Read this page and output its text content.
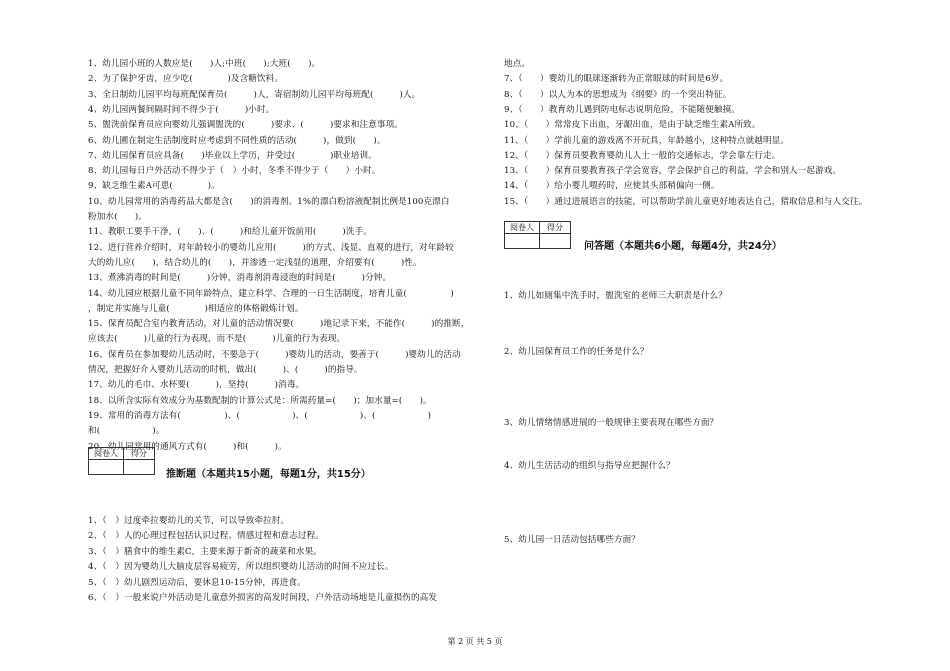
1、幼儿园小班的人数应是(　　)人;中班(　　);大班(　　)。
2、为了保护牙齿，应少吃(　　　　)及含糖饮料。
3、全日制幼儿园平均每班配保育员(　　　)人，寄宿制幼儿园平均每班配(　　　)人。
4、幼儿园两餐间隔时间不得少于(　　　)小时。
5、盥洗前保育员应向婴幼儿强调盥洗的(　　　)要求、(　　　)要求和注意事项。
6、幼儿圃在制定生活制度时应考虑到不同性质的活动(　　　)，做到(　　)。
7、幼儿园保育员应具备(　　)毕业以上学历，并受过(　　　　)职业培训。
8、幼儿园每日户外活动不得少于（　）小时，冬季不得少于（　　）小时。
9、缺乏维生素A可患(　　　　)。
10、幼儿园常用的消毒药品大都是含(　　)的消毒剂。1%的漂白粉溶液配制比例是100克漂白
粉加水(　　)。
11、教职工要手干净，(　　)、(　　　)和给儿童开饭前用(　　　)洗手。
12、进行营养介绍时，对年龄较小的婴幼儿应用(　　　)的方式、浅显、直观的进行，对年龄较
大的幼儿应(　　)，结合幼儿的(　　)，并渗透一定浅显的道理，介绍要有(　　　)性。
13、煮沸消毒的时间是(　　　)分钟，消毒剂消毒浸泡的时间是(　　　)分钟。
14、幼儿园应根据儿童不同年龄特点，建立科学、合理的一日生活制度，培育儿童(　　　　　)
，制定并实施与儿童(　　　　)相适应的体格锻炼计划。
15、保育员配合室内教育活动，对儿童的活动情况要(　　　)地记录下来，不能作(　　　)的推断，
应该去(　　　)儿童的行为表现，而不是(　　　)儿童的行为表现。
16、保育员在参加婴幼儿活动时，不要急于(　　　)婴幼儿的活动，要善于(　　　)婴幼儿的活动
情况，把握好介入婴幼儿活动的时机，做出(　　　)、(　　　)的指导。
17、幼儿的毛巾、水杯要(　　　)，坚持(　　　)消毒。
18、以所含实际有效成分为基数配制的计算公式是：所需药量=(　　)；加水量=(　　)。
19、常用的消毒方法有(　　　　　)、(　　　　　　)、(　　　　　　)、(　　　　　　)
和(　　　　　　)。
20、幼儿园常用的通风方式有(　　　)和(　　　)。
阅卷人	得分

推断题（本题共15小题，每题1分，共15分）
1、（　）过度牵拉婴幼儿的关节，可以导致牵拉肘。
2、（　）人的心理过程包括认识过程、情感过程和意志过程。
3、（　）膳食中的维生素C，主要来源于新奇的蔬菜和水果。
4、（　）因为婴幼儿大脑皮层容易疲劳，所以组织婴幼儿活动的时间不应过长。
5、（　）幼儿剧烈运动后，要休息10-15分钟，再进食。
6、（　）一般来说户外活动是儿童意外损害的高发时间段，户外活动场地是儿童损伤的高发
地点。
7、（　　）婴幼儿的眼球逐渐转为正常眼球的时间是6岁。
8、（　　）以人为本的思想成为《纲要》的一个突出特征。
9、（　　）教育幼儿遇到防电标志说明危险，不能随便触摸。
10、（　　）常常皮下出血，牙龈出血，是由于缺乏维生素A所致。
11、（　　）学前儿童的游戏离不开玩具，年龄越小，这种特点就越明显。
12、（　　）保育员要教育婴幼儿人士一般的交通标志，学会靠左行走。
13、（　　）保育员要教育孩子学会宽容，学会保护自己的利益，学会和别人一起游戏。
14、（　　）给小婴儿喂药时，应使其头部稍偏向一侧。
15、（　　）通过进展语言的技能，可以帮助学前儿童更好地表达自己，猎取信息和与人交往。
阅卷人	得分

问答题（本题共6小题，每题4分，共24分）
1、幼儿如厕集中洗手时，盥洗室的老师三大职责是什么？
2、幼儿园保育员工作的任务是什么？
3、幼儿情绪情感进展的一般规律主要表现在哪些方面？
4、幼儿生活活动的组织与指导应把握什么？
5、幼儿园一日活动包括哪些方面？
第 2 页 共 5 页
